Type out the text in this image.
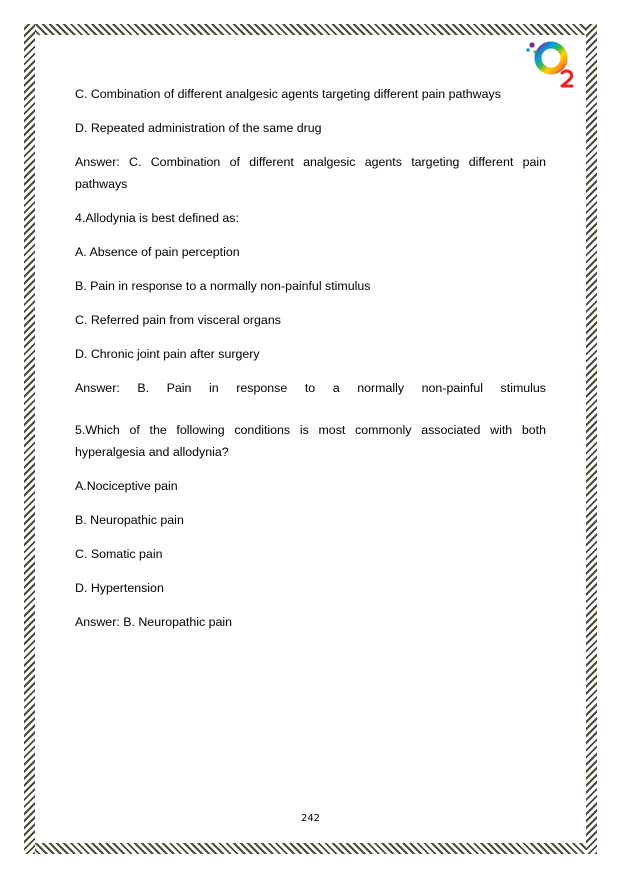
C. Combination of different analgesic agents targeting different pain pathways

D. Repeated administration of the same drug

Answer: C. Combination of different analgesic agents targeting different pain pathways

4.Allodynia is best defined as:

A. Absence of pain perception

B. Pain in response to a normally non-painful stimulus

C. Referred pain from visceral organs

D. Chronic joint pain after surgery

Answer: B. Pain in response to a normally non-painful stimulus

5.Which of the following conditions is most commonly associated with both hyperalgesia and allodynia?

A.Nociceptive pain

B. Neuropathic pain

C. Somatic pain

D. Hypertension

Answer: B. Neuropathic pain

242
